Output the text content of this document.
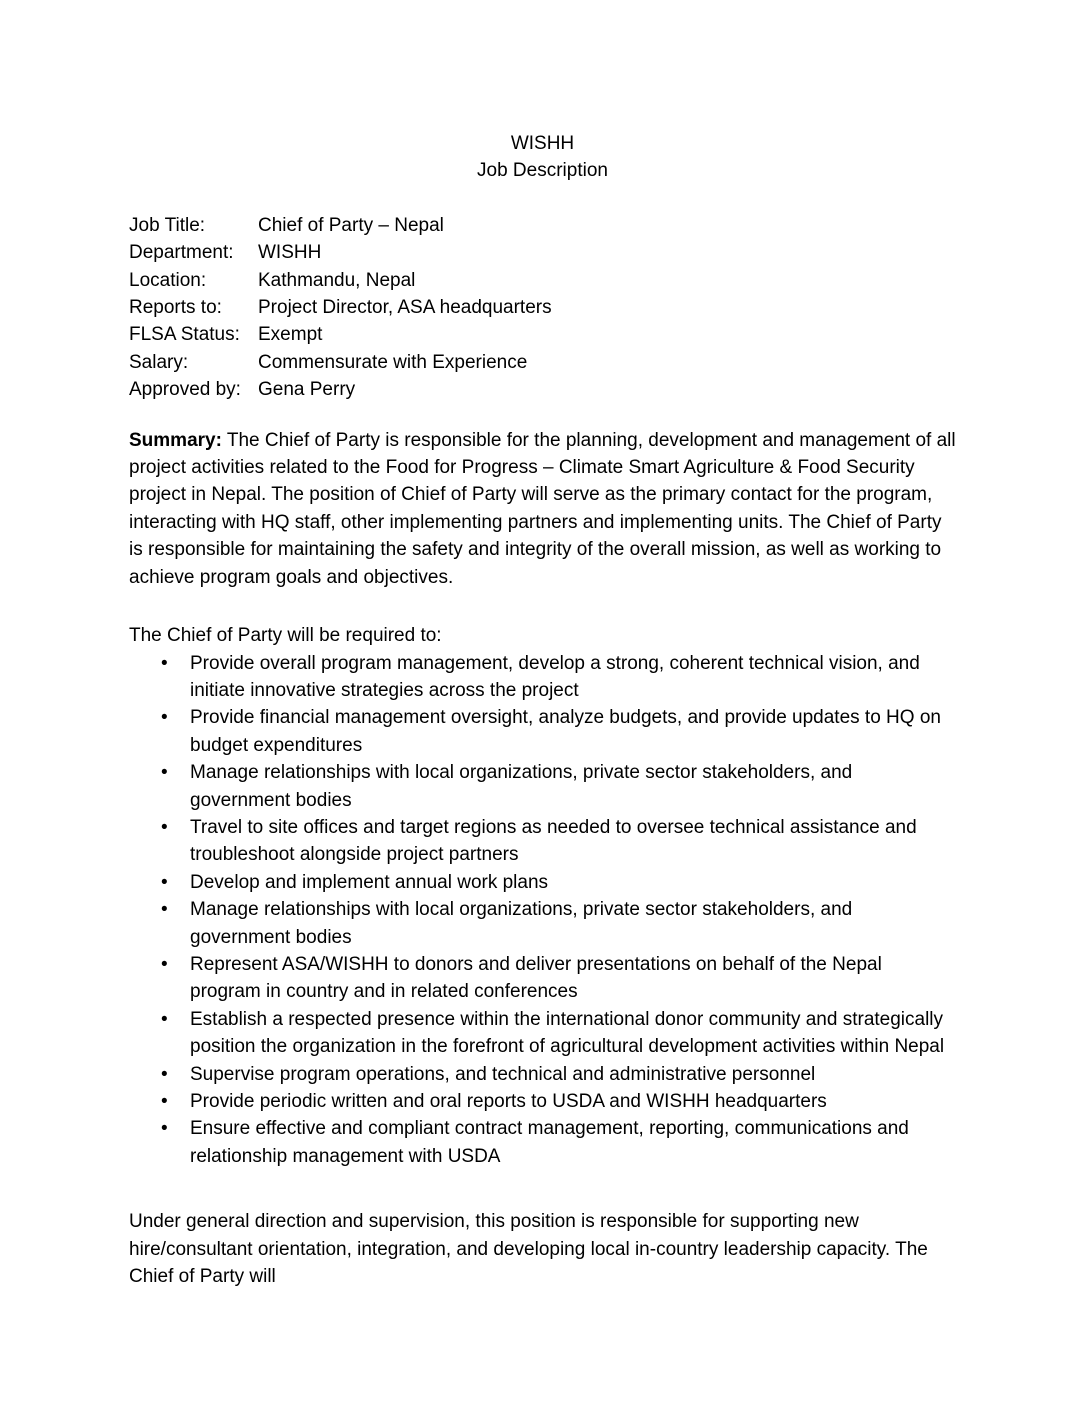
WISHH
Job Description
Job Title:	Chief of Party – Nepal
Department:	WISHH
Location:	Kathmandu, Nepal
Reports to:	Project Director, ASA headquarters
FLSA Status: Exempt
Salary:	Commensurate with Experience
Approved by: Gena Perry

Summary: The Chief of Party is responsible for the planning, development and management of all project activities related to the Food for Progress – Climate Smart Agriculture & Food Security project in Nepal. The position of Chief of Party will serve as the primary contact for the program, interacting with HQ staff, other implementing partners and implementing units. The Chief of Party is responsible for maintaining the safety and integrity of the overall mission, as well as working to achieve program goals and objectives.

The Chief of Party will be required to:

• Provide overall program management, develop a strong, coherent technical vision, and initiate innovative strategies across the project
• Provide financial management oversight, analyze budgets, and provide updates to HQ on budget expenditures
• Manage relationships with local organizations, private sector stakeholders, and government bodies
• Travel to site offices and target regions as needed to oversee technical assistance and troubleshoot alongside project partners
• Develop and implement annual work plans
• Manage relationships with local organizations, private sector stakeholders, and government bodies
• Represent ASA/WISHH to donors and deliver presentations on behalf of the Nepal program in country and in related conferences
• Establish a respected presence within the international donor community and strategically position the organization in the forefront of agricultural development activities within Nepal
• Supervise program operations, and technical and administrative personnel
• Provide periodic written and oral reports to USDA and WISHH headquarters
• Ensure effective and compliant contract management, reporting, communications and relationship management with USDA

Under general direction and supervision, this position is responsible for supporting new hire/consultant orientation, integration, and developing local in-country leadership capacity. The Chief of Party will
